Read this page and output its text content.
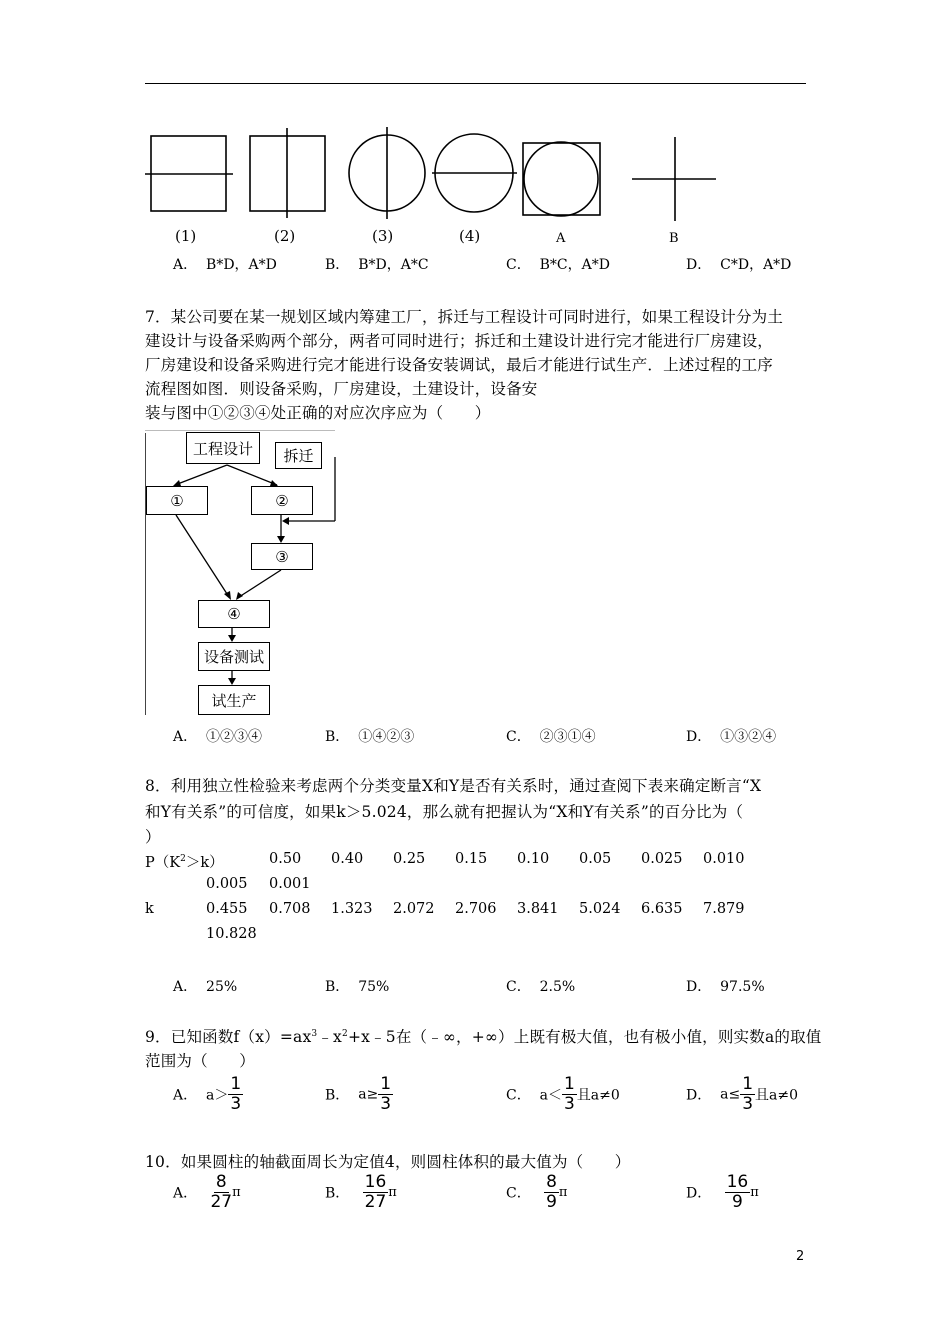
(1)	(2)	(3)	(4)	A	B
A． B*D，A*D	B． B*D，A*C	C． B*C，A*D	D． C*D，A*D
7．某公司要在某一规划区域内筹建工厂，拆迁与工程设计可同时进行，如果工程设计分为土
建设计与设备采购两个部分，两者可同时进行；拆迁和土建设计进行完才能进行厂房建设，
厂房建设和设备采购进行完才能进行设备安装调试，最后才能进行试生产．上述过程的工序
流程图如图．则设备采购，厂房建设，土建设计，设备安
装与图中①②③④处正确的对应次序应为（　　）
工程设计	拆迁
①	②
③
④
设备测试
试生产
A． ①②③④	B． ①④②③	C． ②③①④	D． ①③②④
8．利用独立性检验来考虑两个分类变量X和Y是否有关系时，通过查阅下表来确定断言“X
和Y有关系”的可信度，如果k＞5.024，那么就有把握认为“X和Y有关系”的百分比为（
）
$P(K^2>k)$	0.50 0.40 0.25 0.15 0.10 0.05 0.025 0.010
0.005 0.001
k	0.455 0.708 1.323 2.072 2.706 3.841 5.024 6.635 7.879
10.828
A． 25%	B． 75%	C． 2.5%	D． 97.5%
9．已知函数$f(x)=ax^3﹣x^2+x﹣5$在（﹣∞，+∞）上既有极大值，也有极小值，则实数a的取值
范围为（　　）
A． $a> \frac{1}{3}$	B． $a\ge \frac{1}{3}$	C． $a< \frac{1}{3}$ 且a≠0	D． $a\le \frac{1}{3}$ 且a≠0
10．如果圆柱的轴截面周长为定值4，则圆柱体积的最大值为（　　）
A． $\frac{8}{27}$ π	B． $\frac{16}{27}$ π	C． $\frac{8}{9}$ π	D． $\frac{16}{9}$ π
2
